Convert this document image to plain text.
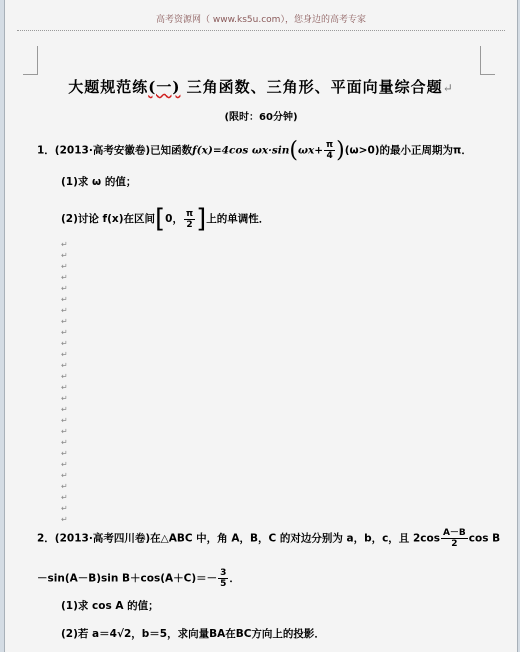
高考资源网（ www.ks5u.com），您身边的高考专家
大题规范练(一) 三角函数、三角形、平面向量综合题↵
(限时：60分钟)
1．(2013·高考安徽卷)已知函数f(x)=4cos $\omega x\cdot\sin(\omega x+ \frac{\pi}{4} )(\omega>0)$的最小正周期为π．
(1)求 ω 的值；
(2)讨论 f(x)在区间[0， $\frac{\pi}{2}$ ]上的单调性．
↵
↵
↵
↵
↵
↵
↵
↵
↵
↵
↵
↵
↵
↵
↵
↵
↵
↵
↵
↵
↵
↵
↵
↵
↵
↵
2．(2013·高考四川卷)在△ABC 中，角 A，B，C 的对边分别为 a，b，c，且 $2\cos \frac{A-B}{2}$ cos B
－sin(A－B)sin $B+\cos(A+C)=- \frac{3}{5}$ ．
(1)求 cos A 的值；
(2)若 a＝4√2，b＝5，求向量BA在BC方向上的投影．
